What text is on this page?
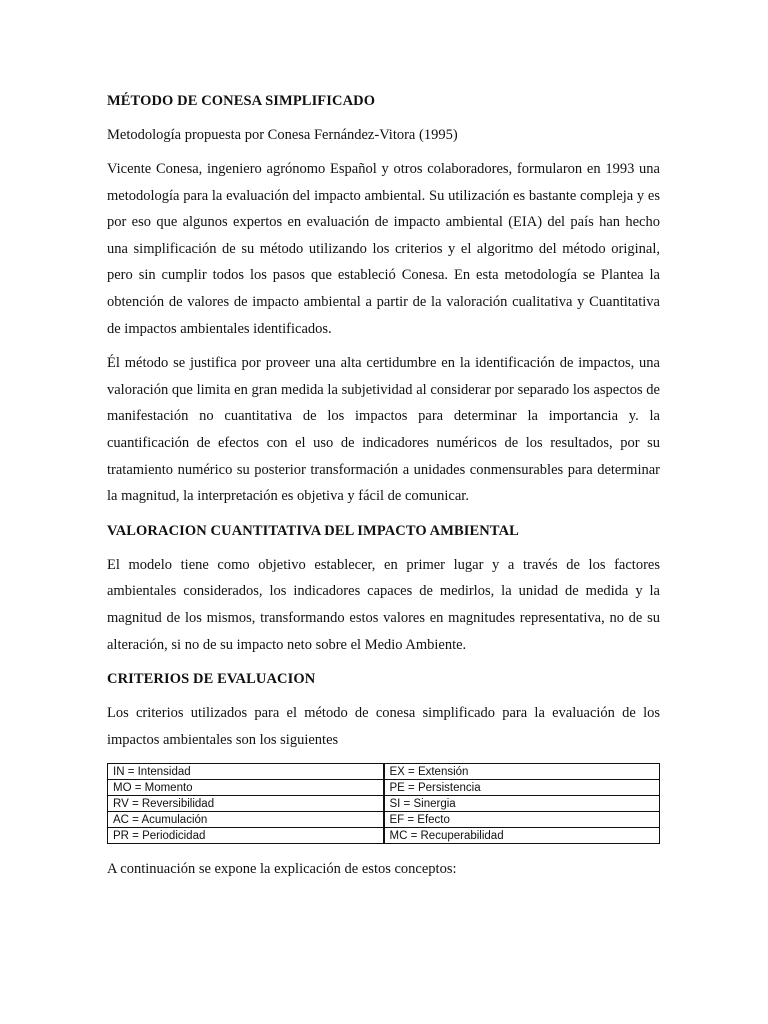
MÉTODO DE CONESA SIMPLIFICADO
Metodología propuesta por Conesa Fernández-Vitora (1995)

Vicente Conesa, ingeniero agrónomo Español y otros colaboradores, formularon en 1993 una metodología para la evaluación del impacto ambiental. Su utilización es bastante compleja y es por eso que algunos expertos en evaluación de impacto ambiental (EIA) del país han hecho una simplificación de su método utilizando los criterios y el algoritmo del método original, pero sin cumplir todos los pasos que estableció Conesa. En esta metodología se Plantea la obtención de valores de impacto ambiental a partir de la valoración cualitativa y Cuantitativa de impactos ambientales identificados.

Él método se justifica por proveer una alta certidumbre en la identificación de impactos, una valoración que limita en gran medida la subjetividad al considerar por separado los aspectos de manifestación no cuantitativa de los impactos para determinar la importancia y. la cuantificación de efectos con el uso de indicadores numéricos de los resultados, por su tratamiento numérico su posterior transformación a unidades conmensurables para determinar la magnitud, la interpretación es objetiva y fácil de comunicar.

VALORACION CUANTITATIVA DEL IMPACTO AMBIENTAL

El modelo tiene como objetivo establecer, en primer lugar y a través de los factores ambientales considerados, los indicadores capaces de medirlos, la unidad de medida y la magnitud de los mismos, transformando estos valores en magnitudes representativa, no de su alteración, si no de su impacto neto sobre el Medio Ambiente.

CRITERIOS DE EVALUACION

Los criterios utilizados para el método de conesa simplificado para la evaluación de los impactos ambientales son los siguientes

IN = Intensidad	EX = Extensión
MO = Momento	PE = Persistencia
RV = Reversibilidad	SI = Sinergia
AC = Acumulación	EF = Efecto
PR = Periodicidad	MC = Recuperabilidad

A continuación se expone la explicación de estos conceptos:
